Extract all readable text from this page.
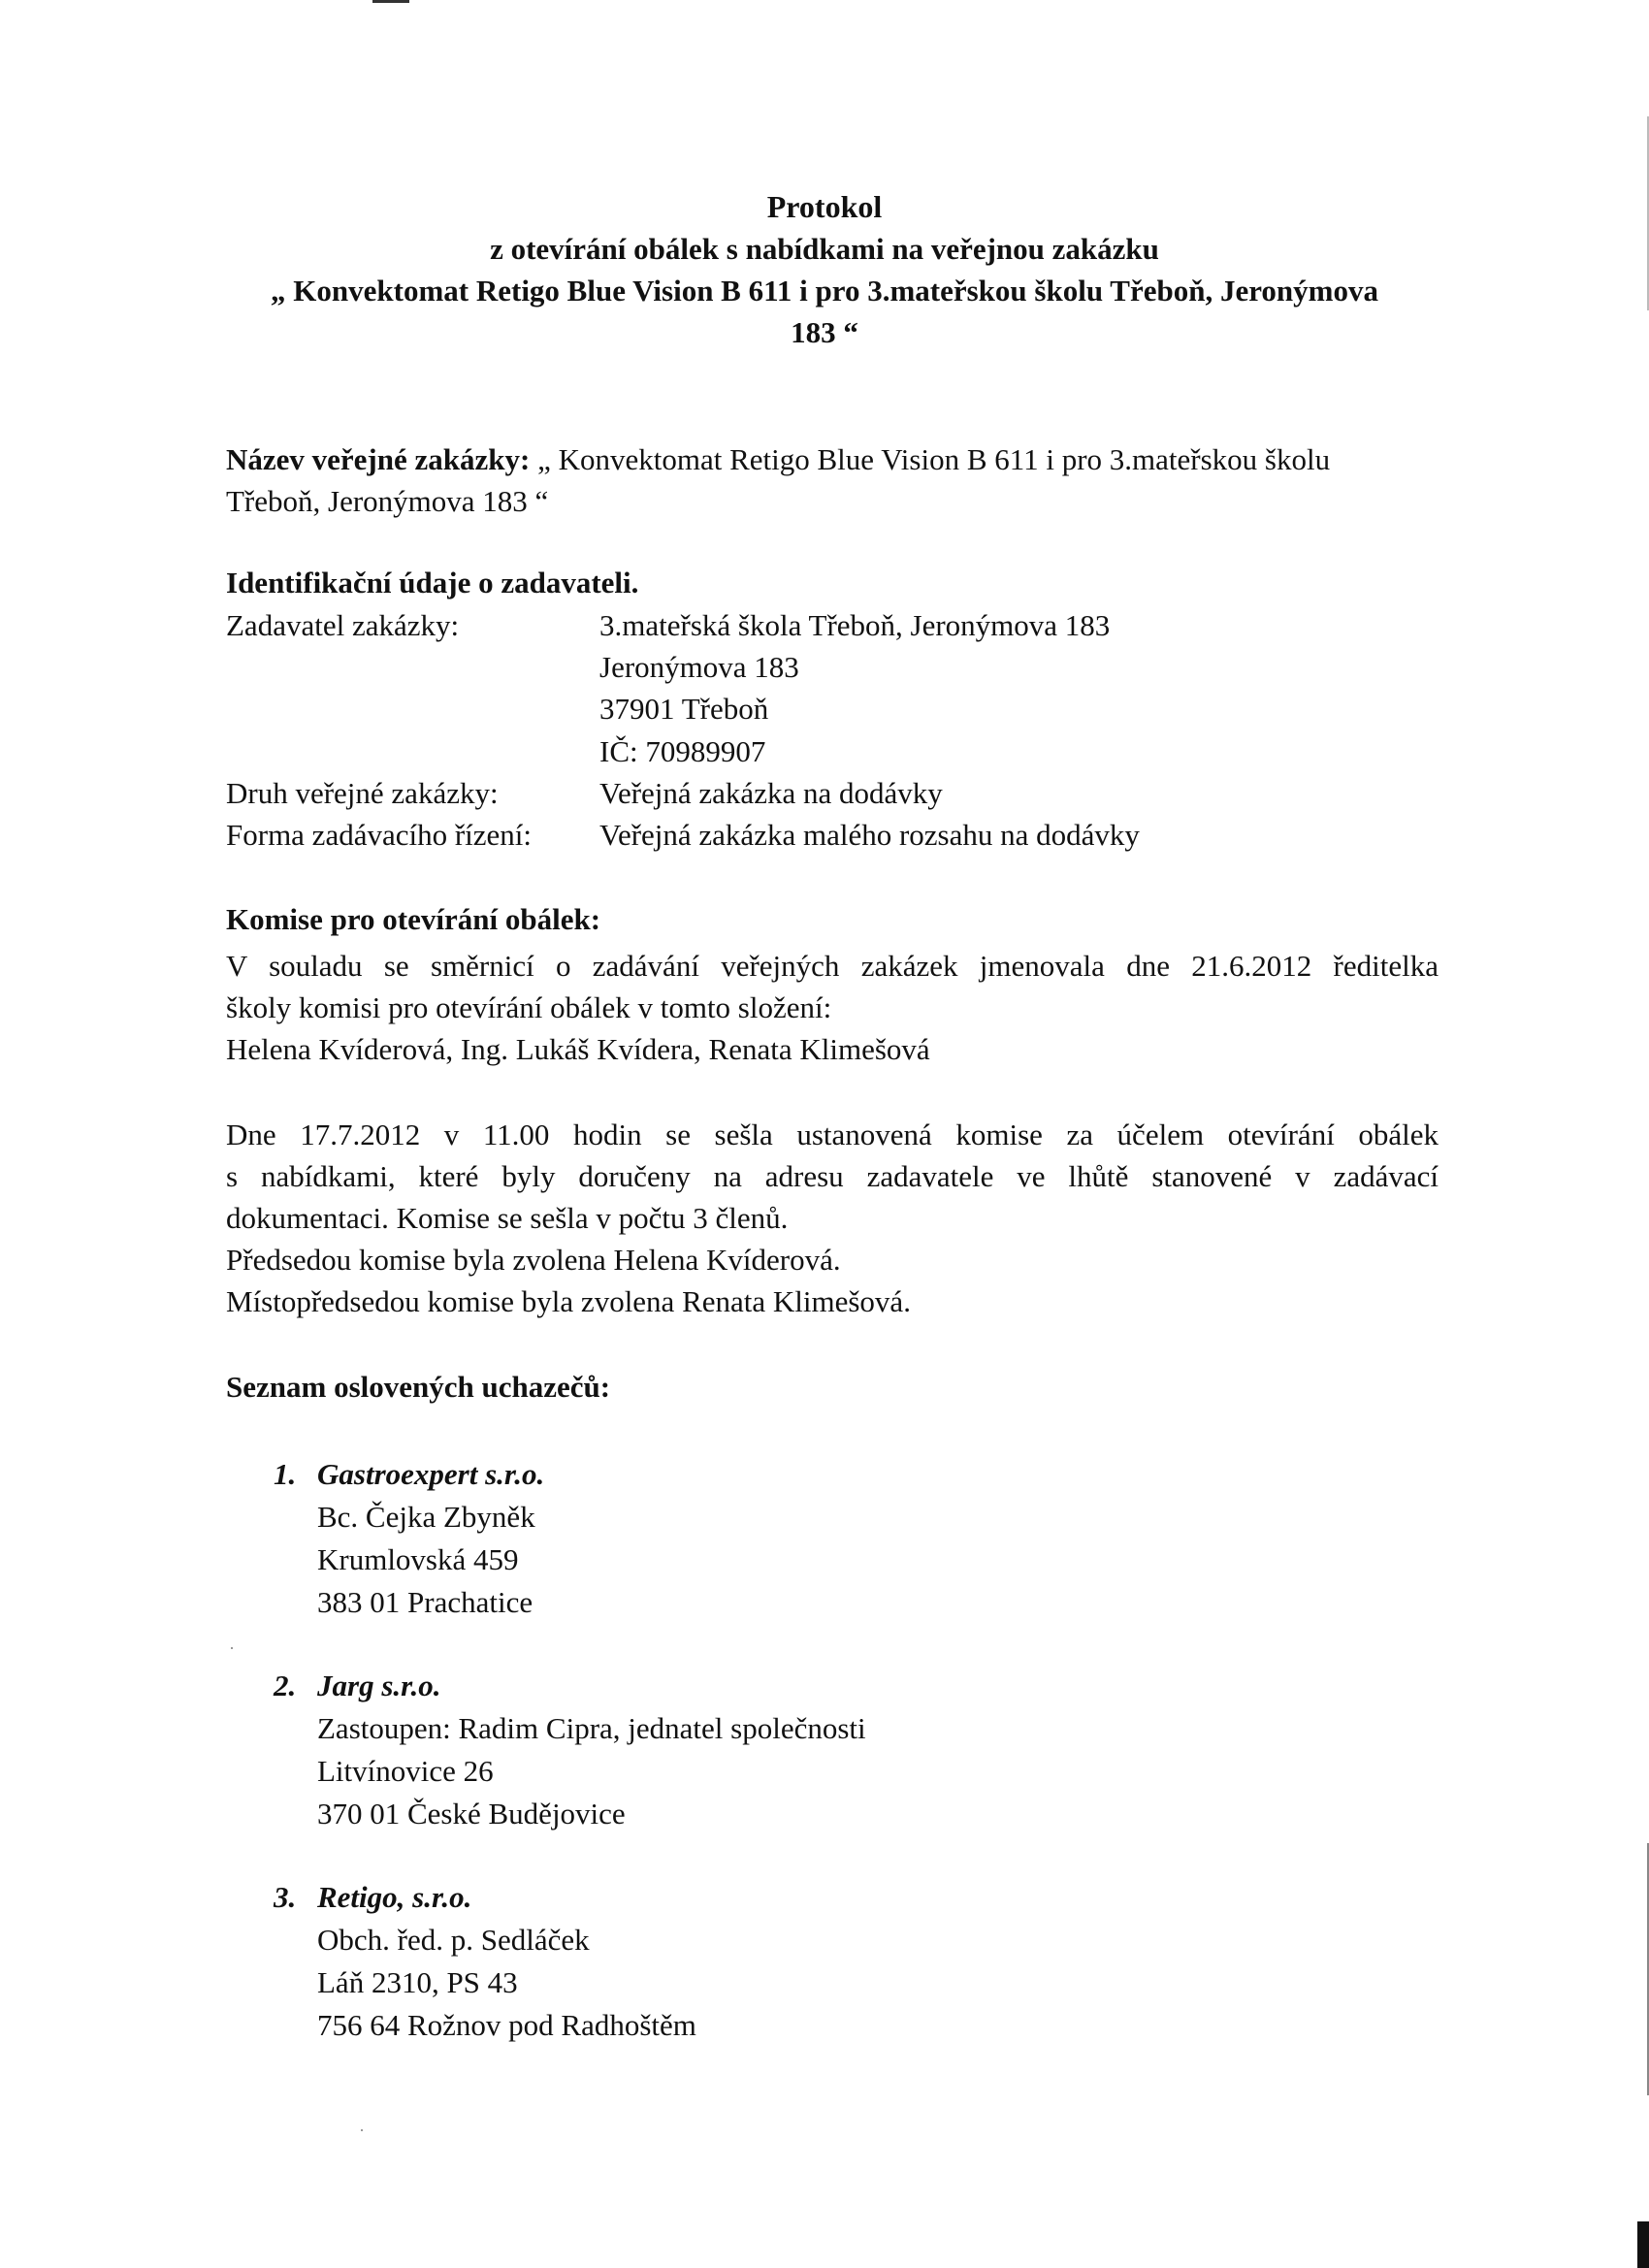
Protokol
z otevírání obálek s nabídkami na veřejnou zakázku
„ Konvektomat Retigo Blue Vision B 611 i pro 3.mateřskou školu Třeboň, Jeronýmova
183 “
Název veřejné zakázky: „ Konvektomat Retigo Blue Vision B 611 i pro 3.mateřskou školu
Třeboň, Jeronýmova 183 “
Identifikační údaje o zadavateli.
Zadavatel zakázky:	3.mateřská škola Třeboň, Jeronýmova 183
Jeronýmova 183
37901 Třeboň
IČ: 70989907
Druh veřejné zakázky:	Veřejná zakázka na dodávky
Forma zadávacího řízení: Veřejná zakázka malého rozsahu na dodávky
Komise pro otevírání obálek:
V souladu se směrnicí o zadávání veřejných zakázek jmenovala dne 21.6.2012 ředitelka
školy komisi pro otevírání obálek v tomto složení:
Helena Kvíderová, Ing. Lukáš Kvídera, Renata Klimešová
Dne 17.7.2012 v 11.00 hodin se sešla ustanovená komise za účelem otevírání obálek
s nabídkami, které byly doručeny na adresu zadavatele ve lhůtě stanovené v zadávací
dokumentaci. Komise se sešla v počtu 3 členů.
Předsedou komise byla zvolena Helena Kvíderová.
Místopředsedou komise byla zvolena Renata Klimešová.
Seznam oslovených uchazečů:
1. Gastroexpert s.r.o.
Bc. Čejka Zbyněk
Krumlovská 459
383 01 Prachatice
2. Jarg s.r.o.
Zastoupen: Radim Cipra, jednatel společnosti
Litvínovice 26
370 01 České Budějovice
3. Retigo, s.r.o.
Obch. řed. p. Sedláček
Láň 2310, PS 43
756 64 Rožnov pod Radhoštěm
